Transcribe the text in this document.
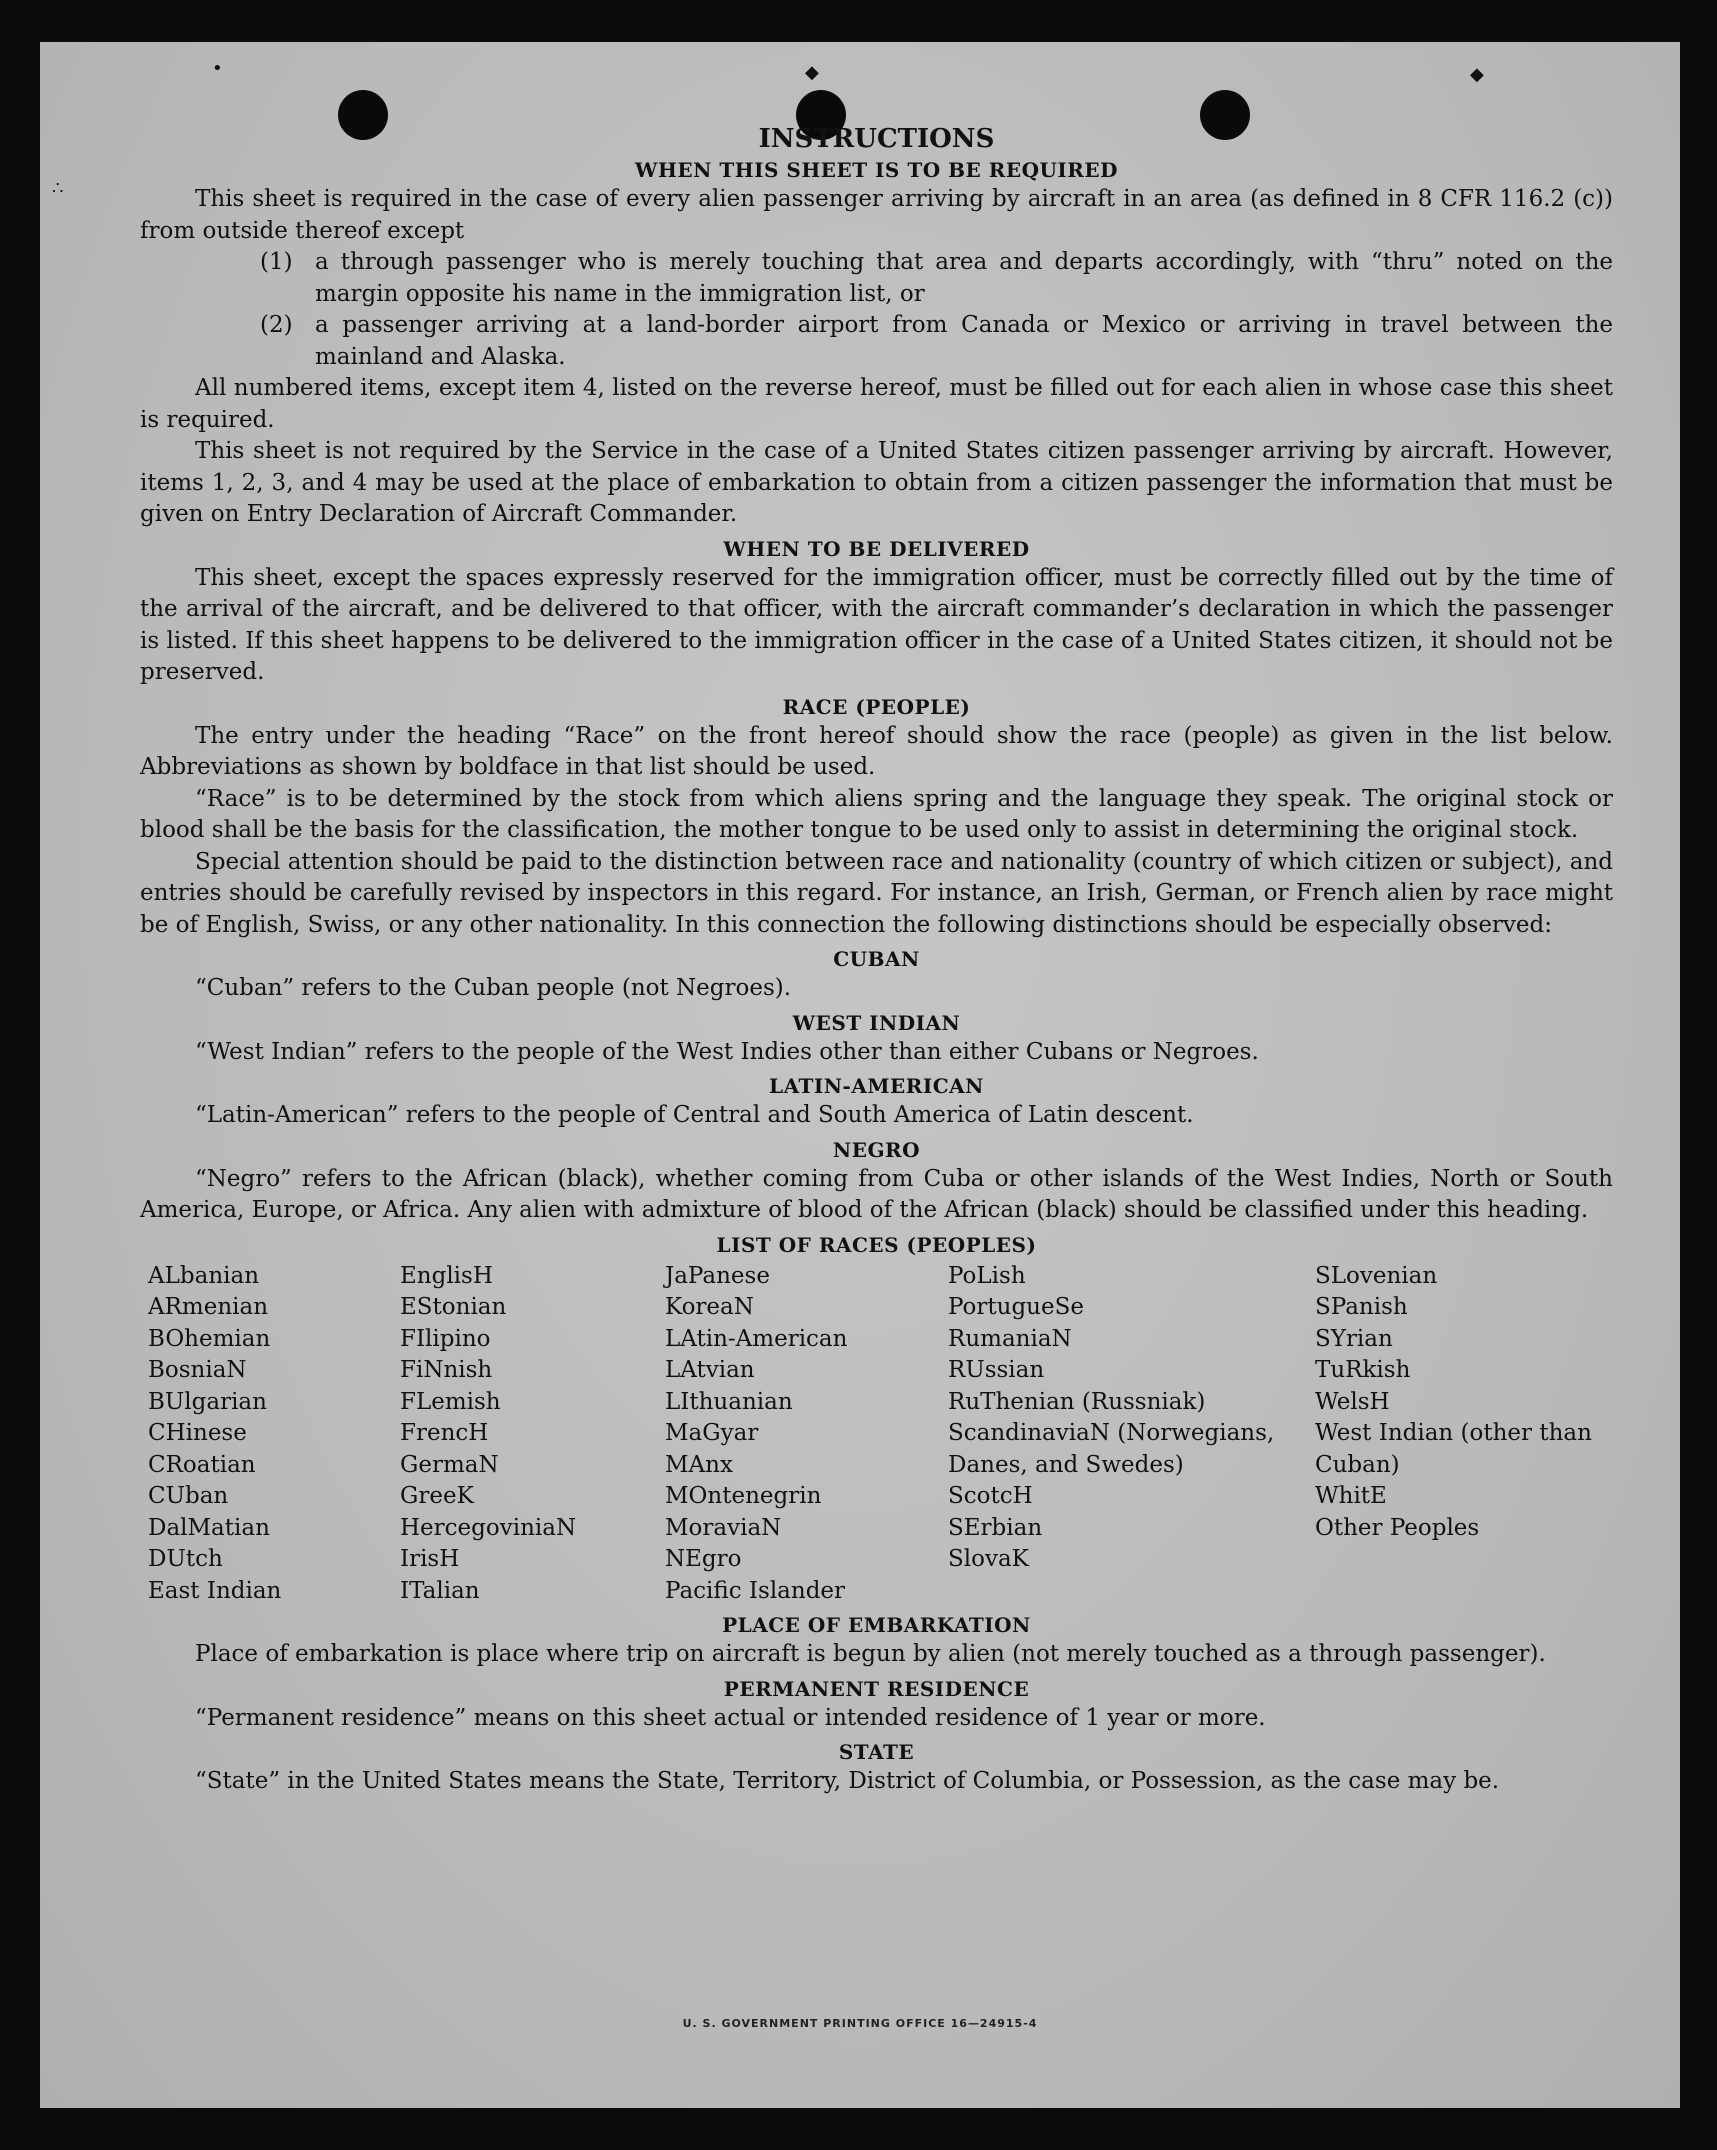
•	◆	◆
∴
INSTRUCTIONS
WHEN THIS SHEET IS TO BE REQUIRED

This sheet is required in the case of every alien passenger arriving by aircraft in an area (as defined in 8 CFR 116.2 (c)) from outside thereof except

(1) a through passenger who is merely touching that area and departs accordingly, with “thru” noted on the margin opposite his name in the immigration list, or
(2) a passenger arriving at a land-border airport from Canada or Mexico or arriving in travel between the mainland and Alaska.

All numbered items, except item 4, listed on the reverse hereof, must be filled out for each alien in whose case this sheet is required.

This sheet is not required by the Service in the case of a United States citizen passenger arriving by aircraft. However, items 1, 2, 3, and 4 may be used at the place of embarkation to obtain from a citizen passenger the information that must be given on Entry Declaration of Aircraft Commander.

WHEN TO BE DELIVERED

This sheet, except the spaces expressly reserved for the immigration officer, must be correctly filled out by the time of the arrival of the aircraft, and be delivered to that officer, with the aircraft commander’s declaration in which the passenger is listed. If this sheet happens to be delivered to the immigration officer in the case of a United States citizen, it should not be preserved.

RACE (PEOPLE)

The entry under the heading “Race” on the front hereof should show the race (people) as given in the list below. Abbreviations as shown by boldface in that list should be used.

“Race” is to be determined by the stock from which aliens spring and the language they speak. The original stock or blood shall be the basis for the classification, the mother tongue to be used only to assist in determining the original stock.

Special attention should be paid to the distinction between race and nationality (country of which citizen or subject), and entries should be carefully revised by inspectors in this regard. For instance, an Irish, German, or French alien by race might be of English, Swiss, or any other nationality. In this connection the following distinctions should be especially observed:

CUBAN

“Cuban” refers to the Cuban people (not Negroes).

WEST INDIAN

“West Indian” refers to the people of the West Indies other than either Cubans or Negroes.

LATIN-AMERICAN

“Latin-American” refers to the people of Central and South America of Latin descent.

NEGRO

“Negro” refers to the African (black), whether coming from Cuba or other islands of the West Indies, North or South America, Europe, or Africa. Any alien with admixture of blood of the African (black) should be classified under this heading.

LIST OF RACES (PEOPLES)
ALbanian
ARmenian
BOhemian
BosniaN
BUlgarian
CHinese
CRoatian
CUban
DalMatian
DUtch
East Indian
EnglisH
EStonian
FIlipino
FiNnish
FLemish
FrencH
GermaN
GreeK
HercegoviniaN
IrisH
ITalian
JaPanese
KoreaN
LAtin-American
LAtvian
LIthuanian
MaGyar
MAnx
MOntenegrin
MoraviaN
NEgro
Pacific Islander
PoLish
PortugueSe
RumaniaN
RUssian
RuThenian (Russniak)
ScandinaviaN (Norwegians, Danes, and Swedes)
ScotcH
SErbian
SlovaK
SLovenian
SPanish
SYrian
TuRkish
WelsH
West Indian (other than Cuban)
WhitE
Other Peoples
PLACE OF EMBARKATION

Place of embarkation is place where trip on aircraft is begun by alien (not merely touched as a through passenger).

PERMANENT RESIDENCE

“Permanent residence” means on this sheet actual or intended residence of 1 year or more.

STATE

“State” in the United States means the State, Territory, District of Columbia, or Possession, as the case may be.

U. S. GOVERNMENT PRINTING OFFICE 16—24915-4
